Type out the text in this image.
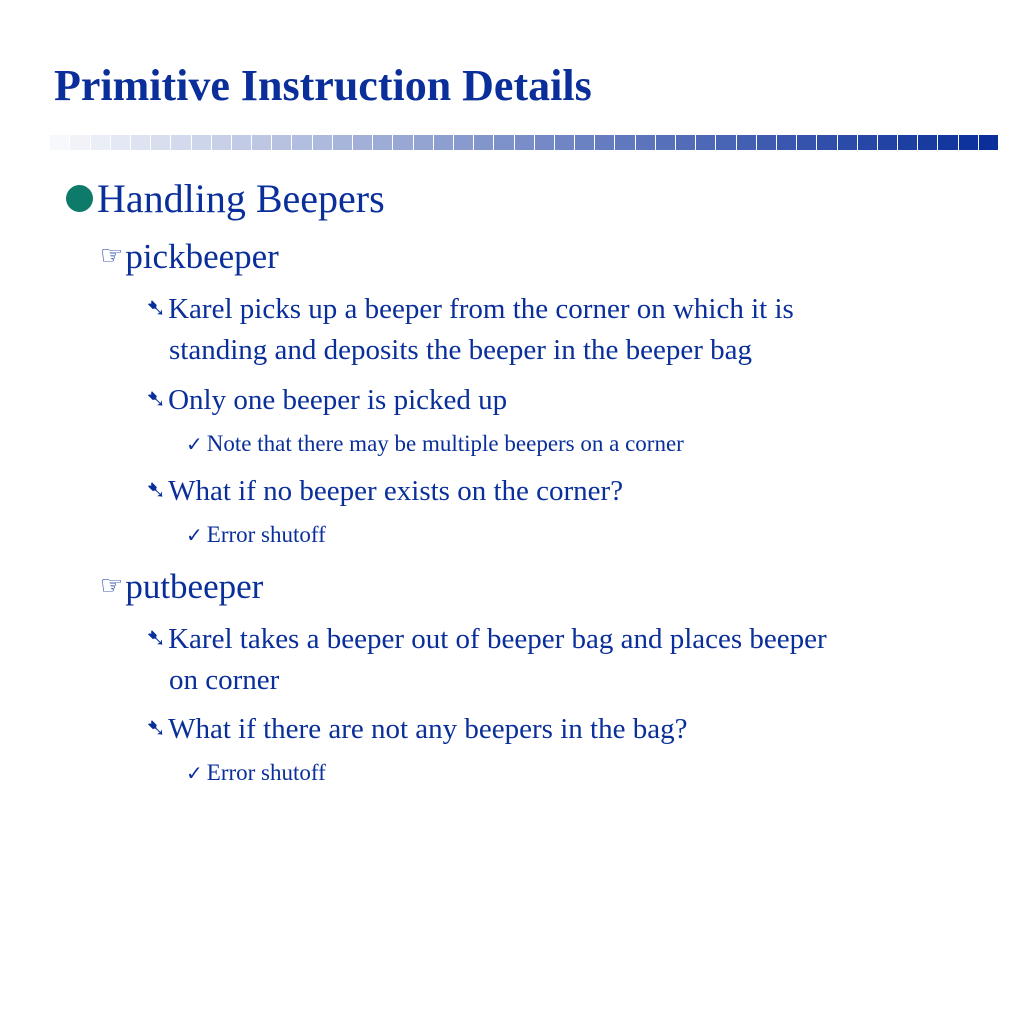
Primitive Instruction Details
Handling Beepers
☞pickbeeper
➷Karel picks up a beeper from the corner on which it is
standing and deposits the beeper in the beeper bag
➷Only one beeper is picked up
✓ Note that there may be multiple beepers on a corner
➷What if no beeper exists on the corner?
✓ Error shutoff
☞putbeeper
➷Karel takes a beeper out of beeper bag and places beeper
on corner
➷What if there are not any beepers in the bag?
✓ Error shutoff
